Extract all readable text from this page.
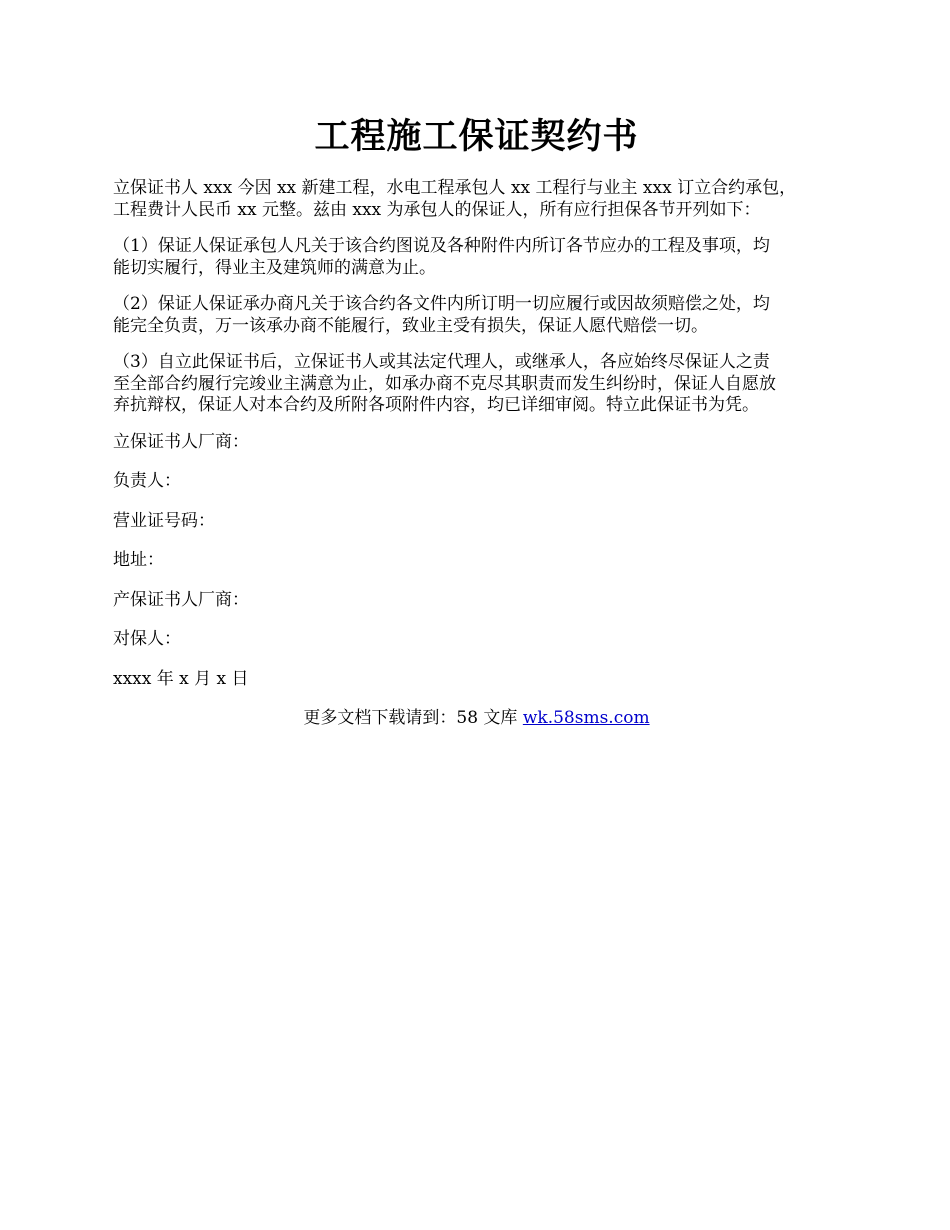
工程施工保证契约书
立保证书人 xxx 今因 xx 新建工程，水电工程承包人 xx 工程行与业主 xxx 订立合约承包，
工程费计人民币 xx 元整。兹由 xxx 为承包人的保证人，所有应行担保各节开列如下：
（1）保证人保证承包人凡关于该合约图说及各种附件内所订各节应办的工程及事项，均
能切实履行，得业主及建筑师的满意为止。
（2）保证人保证承办商凡关于该合约各文件内所订明一切应履行或因故须赔偿之处，均
能完全负责，万一该承办商不能履行，致业主受有损失，保证人愿代赔偿一切。
（3）自立此保证书后，立保证书人或其法定代理人，或继承人，各应始终尽保证人之责
至全部合约履行完竣业主满意为止，如承办商不克尽其职责而发生纠纷时，保证人自愿放
弃抗辩权，保证人对本合约及所附各项附件内容，均已详细审阅。特立此保证书为凭。
立保证书人厂商：
负责人：
营业证号码：
地址：
产保证书人厂商：
对保人：
xxxx 年 x 月 x 日
更多文档下载请到：58 文库 wk.58sms.com
